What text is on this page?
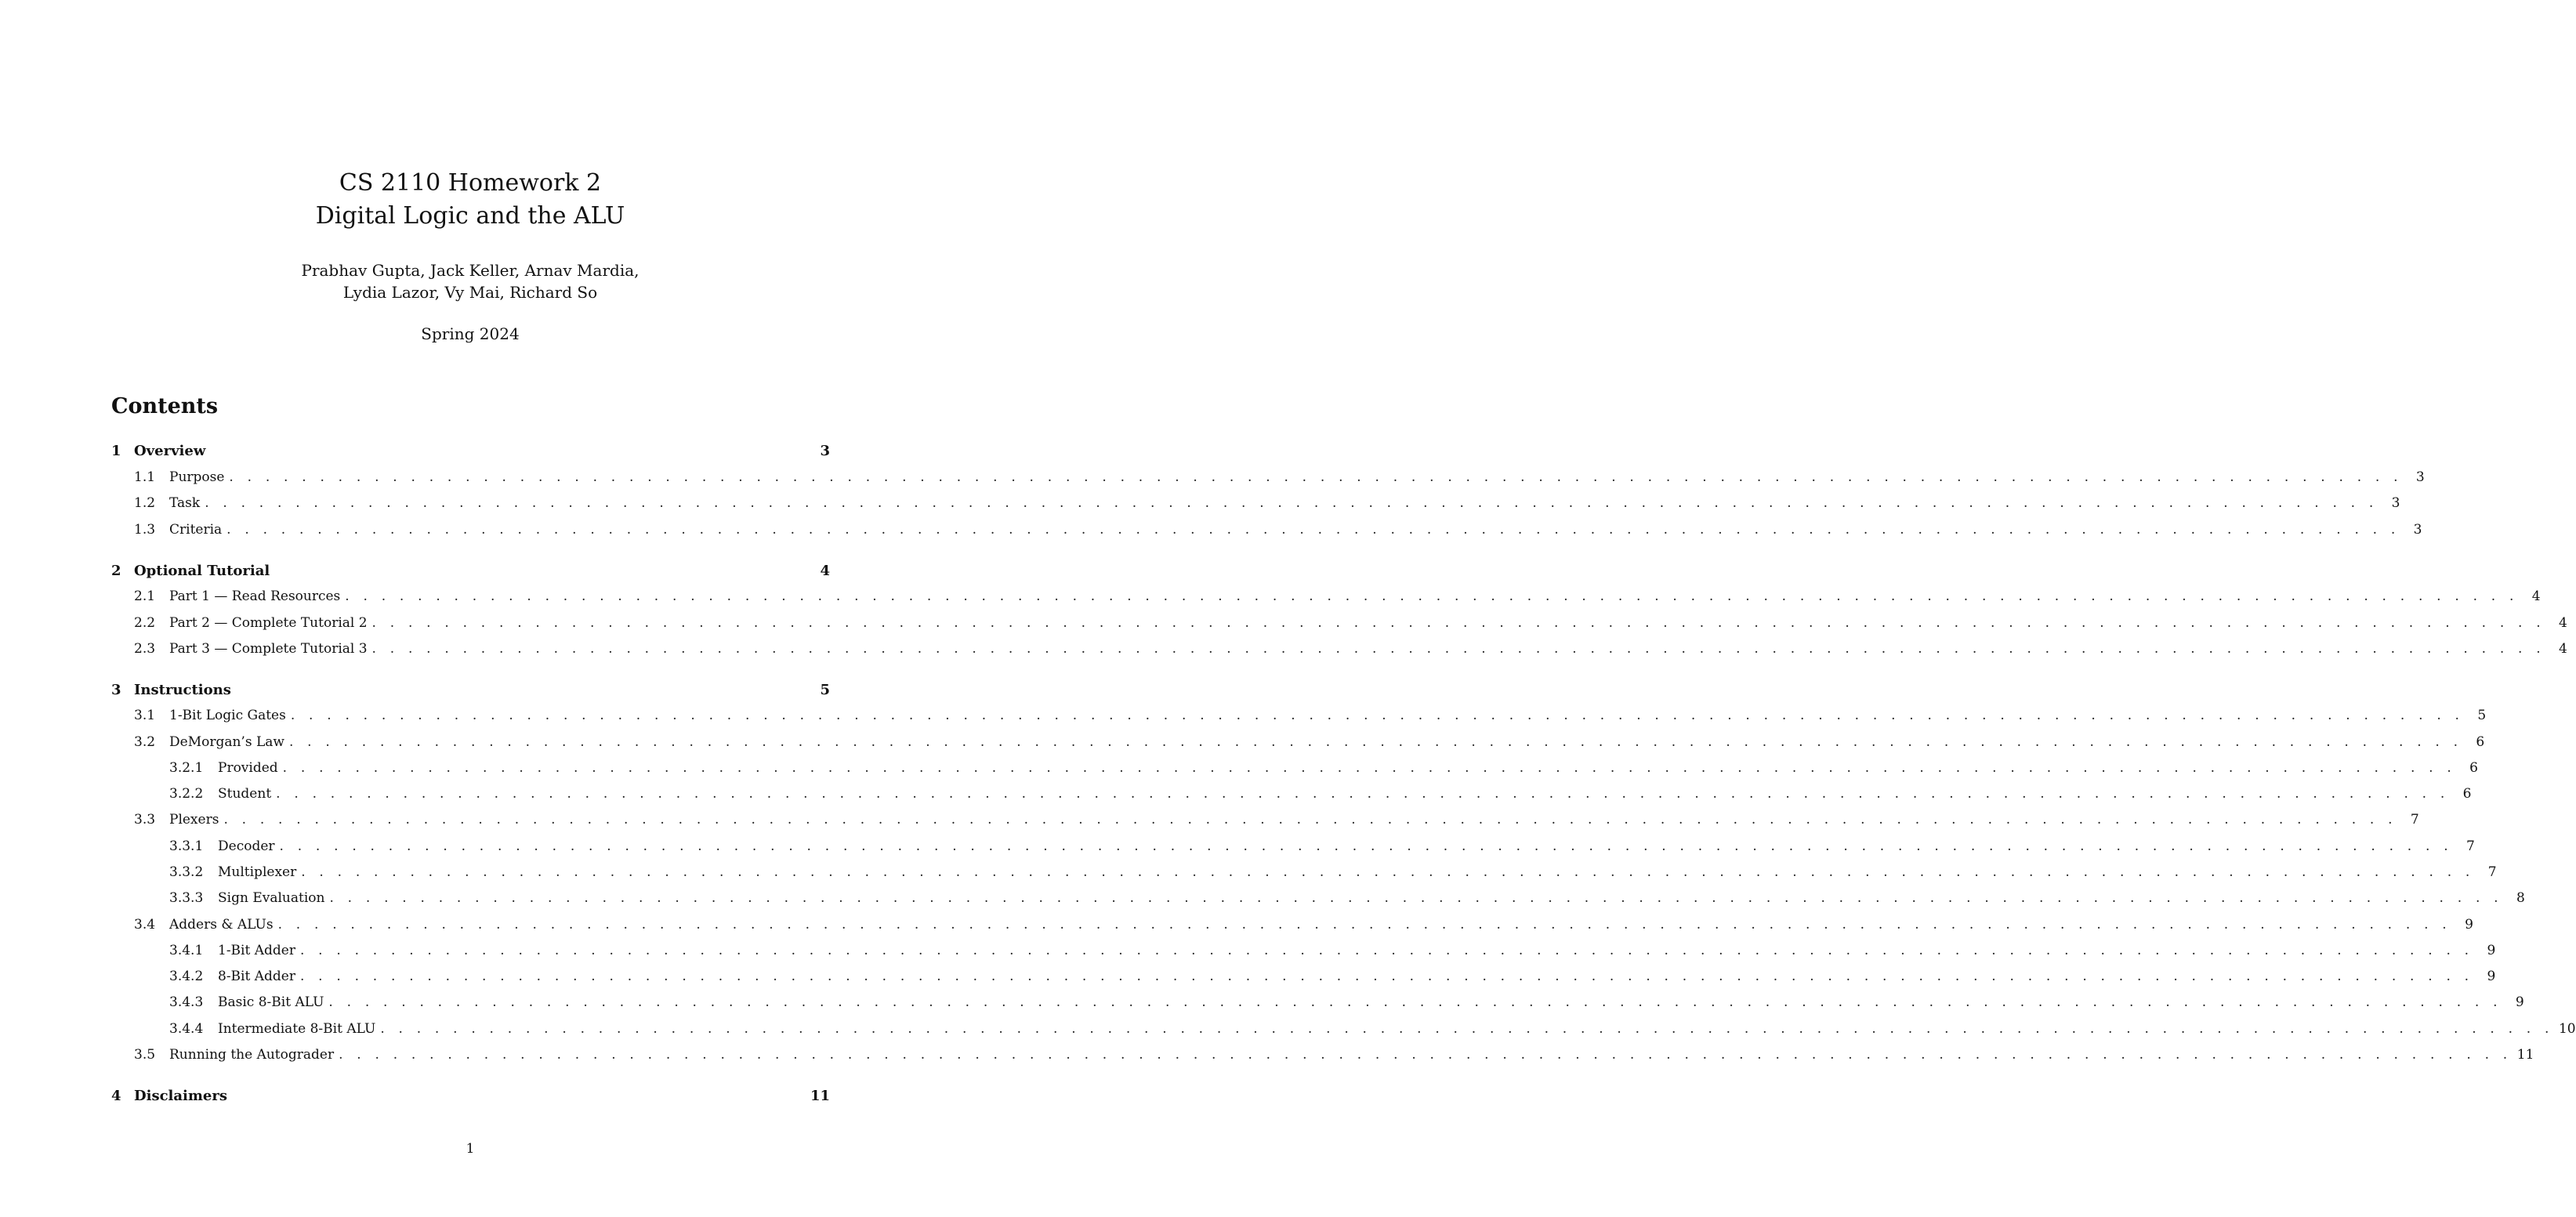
CS 2110 Homework 2
Digital Logic and the ALU
Prabhav Gupta, Jack Keller, Arnav Mardia,
Lydia Lazor, Vy Mai, Richard So
Spring 2024
Contents
1 Overview	3
1.1	Purpose . . . . . . . . . . . . . . . . . . . . . . . . . . . . . . . . . . . . . . . . . . . . . . . . . . . . . . . . . . . . . . . . . . . . . . . . . . . . . . . . . . . . . . . . . . . . . . . . . . . . . . . . . . . . . . . . . . . . . . . .	3
1.2	Task . . . . . . . . . . . . . . . . . . . . . . . . . . . . . . . . . . . . . . . . . . . . . . . . . . . . . . . . . . . . . . . . . . . . . . . . . . . . . . . . . . . . . . . . . . . . . . . . . . . . . . . . . . . . . . . . . . . . . . . .	3
1.3	Criteria . . . . . . . . . . . . . . . . . . . . . . . . . . . . . . . . . . . . . . . . . . . . . . . . . . . . . . . . . . . . . . . . . . . . . . . . . . . . . . . . . . . . . . . . . . . . . . . . . . . . . . . . . . . . . . . . . . . . . . . .	3
2 Optional Tutorial	4
2.1	Part 1 — Read Resources . . . . . . . . . . . . . . . . . . . . . . . . . . . . . . . . . . . . . . . . . . . . . . . . . . . . . . . . . . . . . . . . . . . . . . . . . . . . . . . . . . . . . . . . . . . . . . . . . . . . . . . . . . . . . . . . . . . . . . . .	4
2.2	Part 2 — Complete Tutorial 2 . . . . . . . . . . . . . . . . . . . . . . . . . . . . . . . . . . . . . . . . . . . . . . . . . . . . . . . . . . . . . . . . . . . . . . . . . . . . . . . . . . . . . . . . . . . . . . . . . . . . . . . . . . . . . . . . . . . . . . . .	4
2.3	Part 3 — Complete Tutorial 3 . . . . . . . . . . . . . . . . . . . . . . . . . . . . . . . . . . . . . . . . . . . . . . . . . . . . . . . . . . . . . . . . . . . . . . . . . . . . . . . . . . . . . . . . . . . . . . . . . . . . . . . . . . . . . . . . . . . . . . . .	4
3 Instructions	5
3.1	1-Bit Logic Gates . . . . . . . . . . . . . . . . . . . . . . . . . . . . . . . . . . . . . . . . . . . . . . . . . . . . . . . . . . . . . . . . . . . . . . . . . . . . . . . . . . . . . . . . . . . . . . . . . . . . . . . . . . . . . . . . . . . . . . . .	5
3.2	DeMorgan’s Law . . . . . . . . . . . . . . . . . . . . . . . . . . . . . . . . . . . . . . . . . . . . . . . . . . . . . . . . . . . . . . . . . . . . . . . . . . . . . . . . . . . . . . . . . . . . . . . . . . . . . . . . . . . . . . . . . . . . . . . .	6
3.2.1	Provided . . . . . . . . . . . . . . . . . . . . . . . . . . . . . . . . . . . . . . . . . . . . . . . . . . . . . . . . . . . . . . . . . . . . . . . . . . . . . . . . . . . . . . . . . . . . . . . . . . . . . . . . . . . . . . . . . . . . . . . .	6
3.2.2	Student . . . . . . . . . . . . . . . . . . . . . . . . . . . . . . . . . . . . . . . . . . . . . . . . . . . . . . . . . . . . . . . . . . . . . . . . . . . . . . . . . . . . . . . . . . . . . . . . . . . . . . . . . . . . . . . . . . . . . . . .	6
3.3	Plexers . . . . . . . . . . . . . . . . . . . . . . . . . . . . . . . . . . . . . . . . . . . . . . . . . . . . . . . . . . . . . . . . . . . . . . . . . . . . . . . . . . . . . . . . . . . . . . . . . . . . . . . . . . . . . . . . . . . . . . . .	7
3.3.1	Decoder . . . . . . . . . . . . . . . . . . . . . . . . . . . . . . . . . . . . . . . . . . . . . . . . . . . . . . . . . . . . . . . . . . . . . . . . . . . . . . . . . . . . . . . . . . . . . . . . . . . . . . . . . . . . . . . . . . . . . . . .	7
3.3.2	Multiplexer . . . . . . . . . . . . . . . . . . . . . . . . . . . . . . . . . . . . . . . . . . . . . . . . . . . . . . . . . . . . . . . . . . . . . . . . . . . . . . . . . . . . . . . . . . . . . . . . . . . . . . . . . . . . . . . . . . . . . . . .	7
3.3.3	Sign Evaluation . . . . . . . . . . . . . . . . . . . . . . . . . . . . . . . . . . . . . . . . . . . . . . . . . . . . . . . . . . . . . . . . . . . . . . . . . . . . . . . . . . . . . . . . . . . . . . . . . . . . . . . . . . . . . . . . . . . . . . . .	8
3.4	Adders & ALUs . . . . . . . . . . . . . . . . . . . . . . . . . . . . . . . . . . . . . . . . . . . . . . . . . . . . . . . . . . . . . . . . . . . . . . . . . . . . . . . . . . . . . . . . . . . . . . . . . . . . . . . . . . . . . . . . . . . . . . . .	9
3.4.1	1-Bit Adder . . . . . . . . . . . . . . . . . . . . . . . . . . . . . . . . . . . . . . . . . . . . . . . . . . . . . . . . . . . . . . . . . . . . . . . . . . . . . . . . . . . . . . . . . . . . . . . . . . . . . . . . . . . . . . . . . . . . . . . .	9
3.4.2	8-Bit Adder . . . . . . . . . . . . . . . . . . . . . . . . . . . . . . . . . . . . . . . . . . . . . . . . . . . . . . . . . . . . . . . . . . . . . . . . . . . . . . . . . . . . . . . . . . . . . . . . . . . . . . . . . . . . . . . . . . . . . . . .	9
3.4.3	Basic 8-Bit ALU . . . . . . . . . . . . . . . . . . . . . . . . . . . . . . . . . . . . . . . . . . . . . . . . . . . . . . . . . . . . . . . . . . . . . . . . . . . . . . . . . . . . . . . . . . . . . . . . . . . . . . . . . . . . . . . . . . . . . . . .	9
3.4.4	Intermediate 8-Bit ALU . . . . . . . . . . . . . . . . . . . . . . . . . . . . . . . . . . . . . . . . . . . . . . . . . . . . . . . . . . . . . . . . . . . . . . . . . . . . . . . . . . . . . . . . . . . . . . . . . . . . . . . . . . . . . . . . . . . . . . . . 10
3.5	Running the Autograder . . . . . . . . . . . . . . . . . . . . . . . . . . . . . . . . . . . . . . . . . . . . . . . . . . . . . . . . . . . . . . . . . . . . . . . . . . . . . . . . . . . . . . . . . . . . . . . . . . . . . . . . . . . . . . . . . . . . . . . . 11
4 Disclaimers	11
1
